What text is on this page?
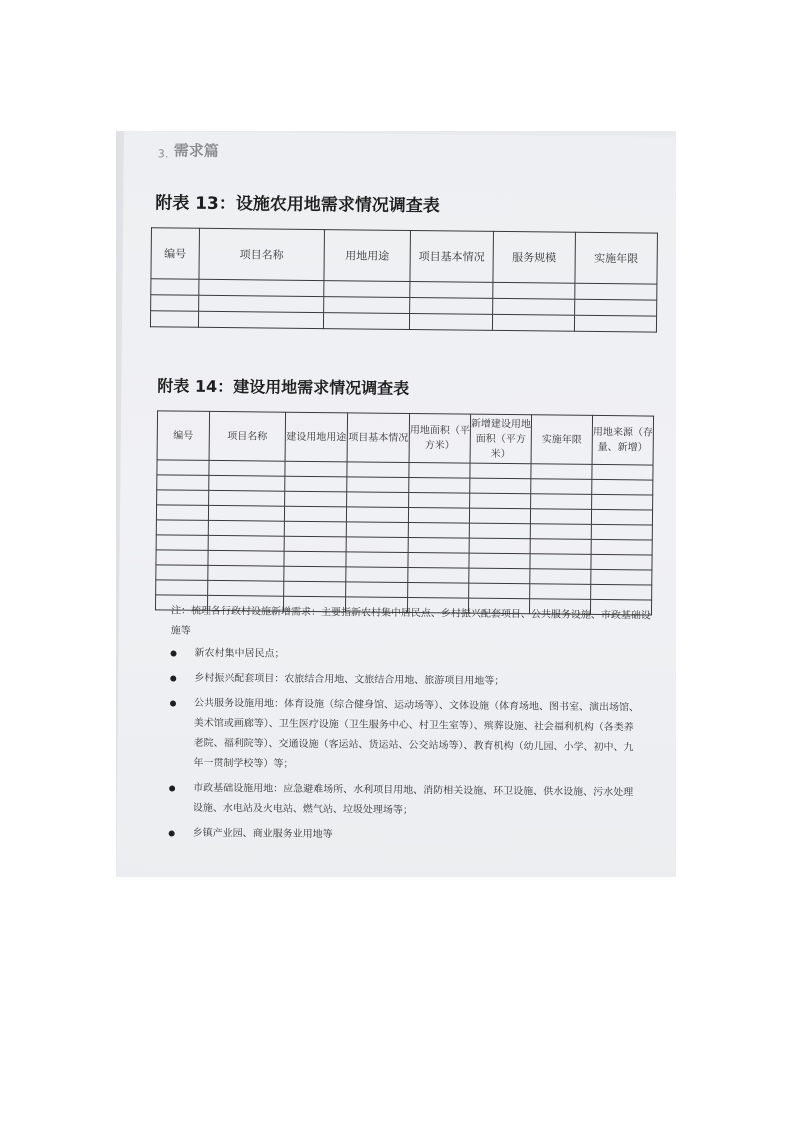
3. 需求篇
附表 13：设施农用地需求情况调查表
编号	项目名称	用地用途	项目基本情况	服务规模	实施年限

附表 14：建设用地需求情况调查表
编号	项目名称	建设用地用途	项目基本情况	用地面积（平方米）	新增建设用地面积（平方米）	实施年限	用地来源（存量、新增）

注：梳理各行政村设施新增需求：主要指新农村集中居民点、乡村振兴配套项目、公共服务设施、市政基础设施等
新农村集中居民点；
乡村振兴配套项目：农旅结合用地、文旅结合用地、旅游项目用地等；
公共服务设施用地：体育设施（综合健身馆、运动场等）、文体设施（体育场地、图书室、演出场馆、美术馆或画廊等）、卫生医疗设施（卫生服务中心、村卫生室等）、殡葬设施、社会福利机构（各类养老院、福利院等）、交通设施（客运站、货运站、公交站场等）、教育机构（幼儿园、小学、初中、九年一贯制学校等）等；
市政基础设施用地：应急避难场所、水利项目用地、消防相关设施、环卫设施、供水设施、污水处理设施、水电站及火电站、燃气站、垃圾处理场等；
乡镇产业园、商业服务业用地等
